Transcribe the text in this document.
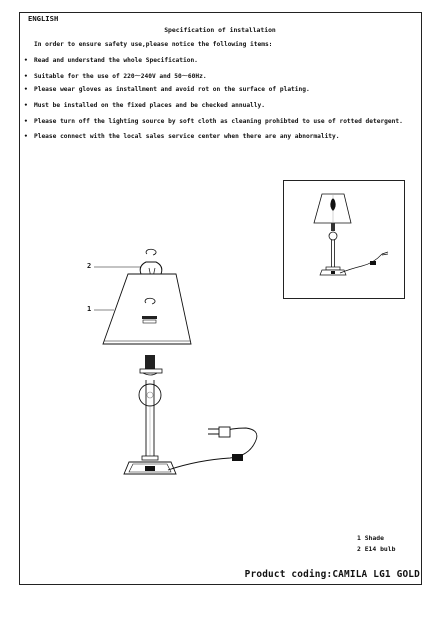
ENGLISH
Specification of installation
In order to ensure safety use,please notice the following items:
• Read and understand the whole Specification.
• Suitable for the use of 220～240V and 50～60Hz.
• Please wear gloves as installment and avoid rot on the surface of plating.
• Must be installed on the fixed places and be checked annually.
• Please turn off the lighting source by soft cloth as cleaning prohibted to use of rotted detergent.
• Please connect with the local sales service center when there are any abnormality.
2
1
1 Shade
2 E14 bulb
Product coding:CAMILA LG1 GOLD
